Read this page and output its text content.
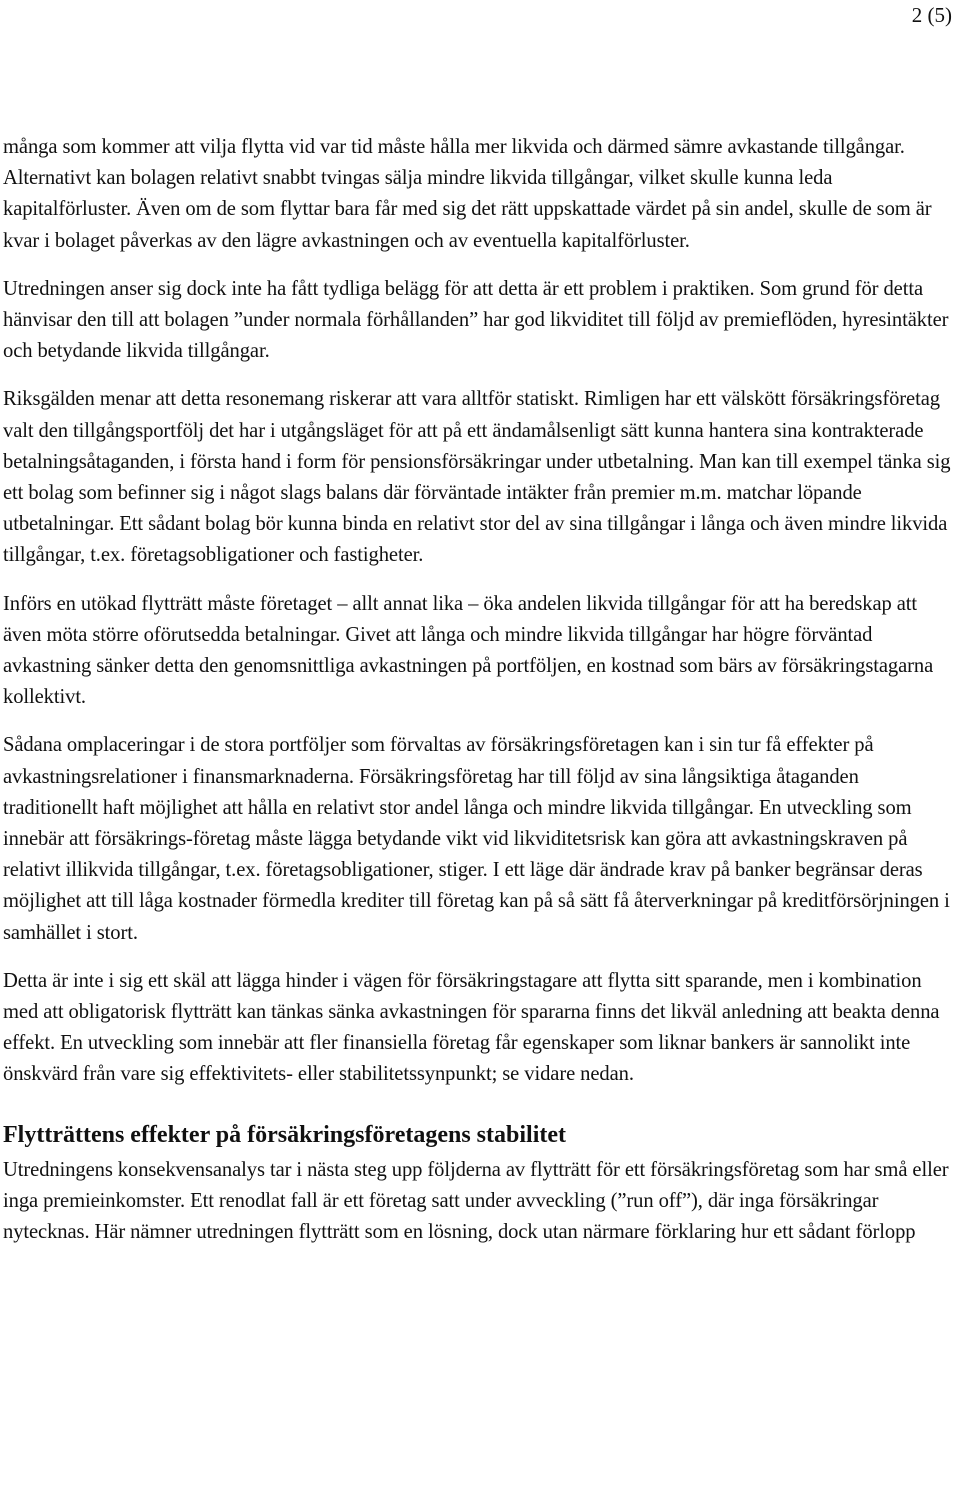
2 (5)

många som kommer att vilja flytta vid var tid måste hålla mer likvida och därmed sämre avkastande tillgångar. Alternativt kan bolagen relativt snabbt tvingas sälja mindre likvida tillgångar, vilket skulle kunna leda kapitalförluster. Även om de som flyttar bara får med sig det rätt uppskattade värdet på sin andel, skulle de som är kvar i bolaget påverkas av den lägre avkastningen och av eventuella kapitalförluster.

Utredningen anser sig dock inte ha fått tydliga belägg för att detta är ett problem i praktiken. Som grund för detta hänvisar den till att bolagen ”under normala förhållanden” har god likviditet till följd av premieflöden, hyresintäkter och betydande likvida tillgångar.

Riksgälden menar att detta resonemang riskerar att vara alltför statiskt. Rimligen har ett välskött försäkringsföretag valt den tillgångsportfölj det har i utgångsläget för att på ett ändamålsenligt sätt kunna hantera sina kontrakterade betalningsåtaganden, i första hand i form för pensionsförsäkringar under utbetalning. Man kan till exempel tänka sig ett bolag som befinner sig i något slags balans där förväntade intäkter från premier m.m. matchar löpande utbetalningar. Ett sådant bolag bör kunna binda en relativt stor del av sina tillgångar i långa och även mindre likvida tillgångar, t.ex. företagsobligationer och fastigheter.

Införs en utökad flytträtt måste företaget – allt annat lika – öka andelen likvida tillgångar för att ha beredskap att även möta större oförutsedda betalningar. Givet att långa och mindre likvida tillgångar har högre förväntad avkastning sänker detta den genomsnittliga avkastningen på portföljen, en kostnad som bärs av försäkringstagarna kollektivt.

Sådana omplaceringar i de stora portföljer som förvaltas av försäkringsföretagen kan i sin tur få effekter på avkastningsrelationer i finansmarknaderna. Försäkringsföretag har till följd av sina långsiktiga åtaganden traditionellt haft möjlighet att hålla en relativt stor andel långa och mindre likvida tillgångar. En utveckling som innebär att försäkrings-företag måste lägga betydande vikt vid likviditetsrisk kan göra att avkastningskraven på relativt illikvida tillgångar, t.ex. företagsobligationer, stiger. I ett läge där ändrade krav på banker begränsar deras möjlighet att till låga kostnader förmedla krediter till företag kan på så sätt få återverkningar på kreditförsörjningen i samhället i stort.

Detta är inte i sig ett skäl att lägga hinder i vägen för försäkringstagare att flytta sitt sparande, men i kombination med att obligatorisk flytträtt kan tänkas sänka avkastningen för spararna finns det likväl anledning att beakta denna effekt. En utveckling som innebär att fler finansiella företag får egenskaper som liknar bankers är sannolikt inte önskvärd från vare sig effektivitets- eller stabilitetssynpunkt; se vidare nedan.

Flytträttens effekter på försäkringsföretagens stabilitet

Utredningens konsekvensanalys tar i nästa steg upp följderna av flytträtt för ett försäkringsföretag som har små eller inga premieinkomster. Ett renodlat fall är ett företag satt under avveckling (”run off”), där inga försäkringar nytecknas. Här nämner utredningen flytträtt som en lösning, dock utan närmare förklaring hur ett sådant förlopp
